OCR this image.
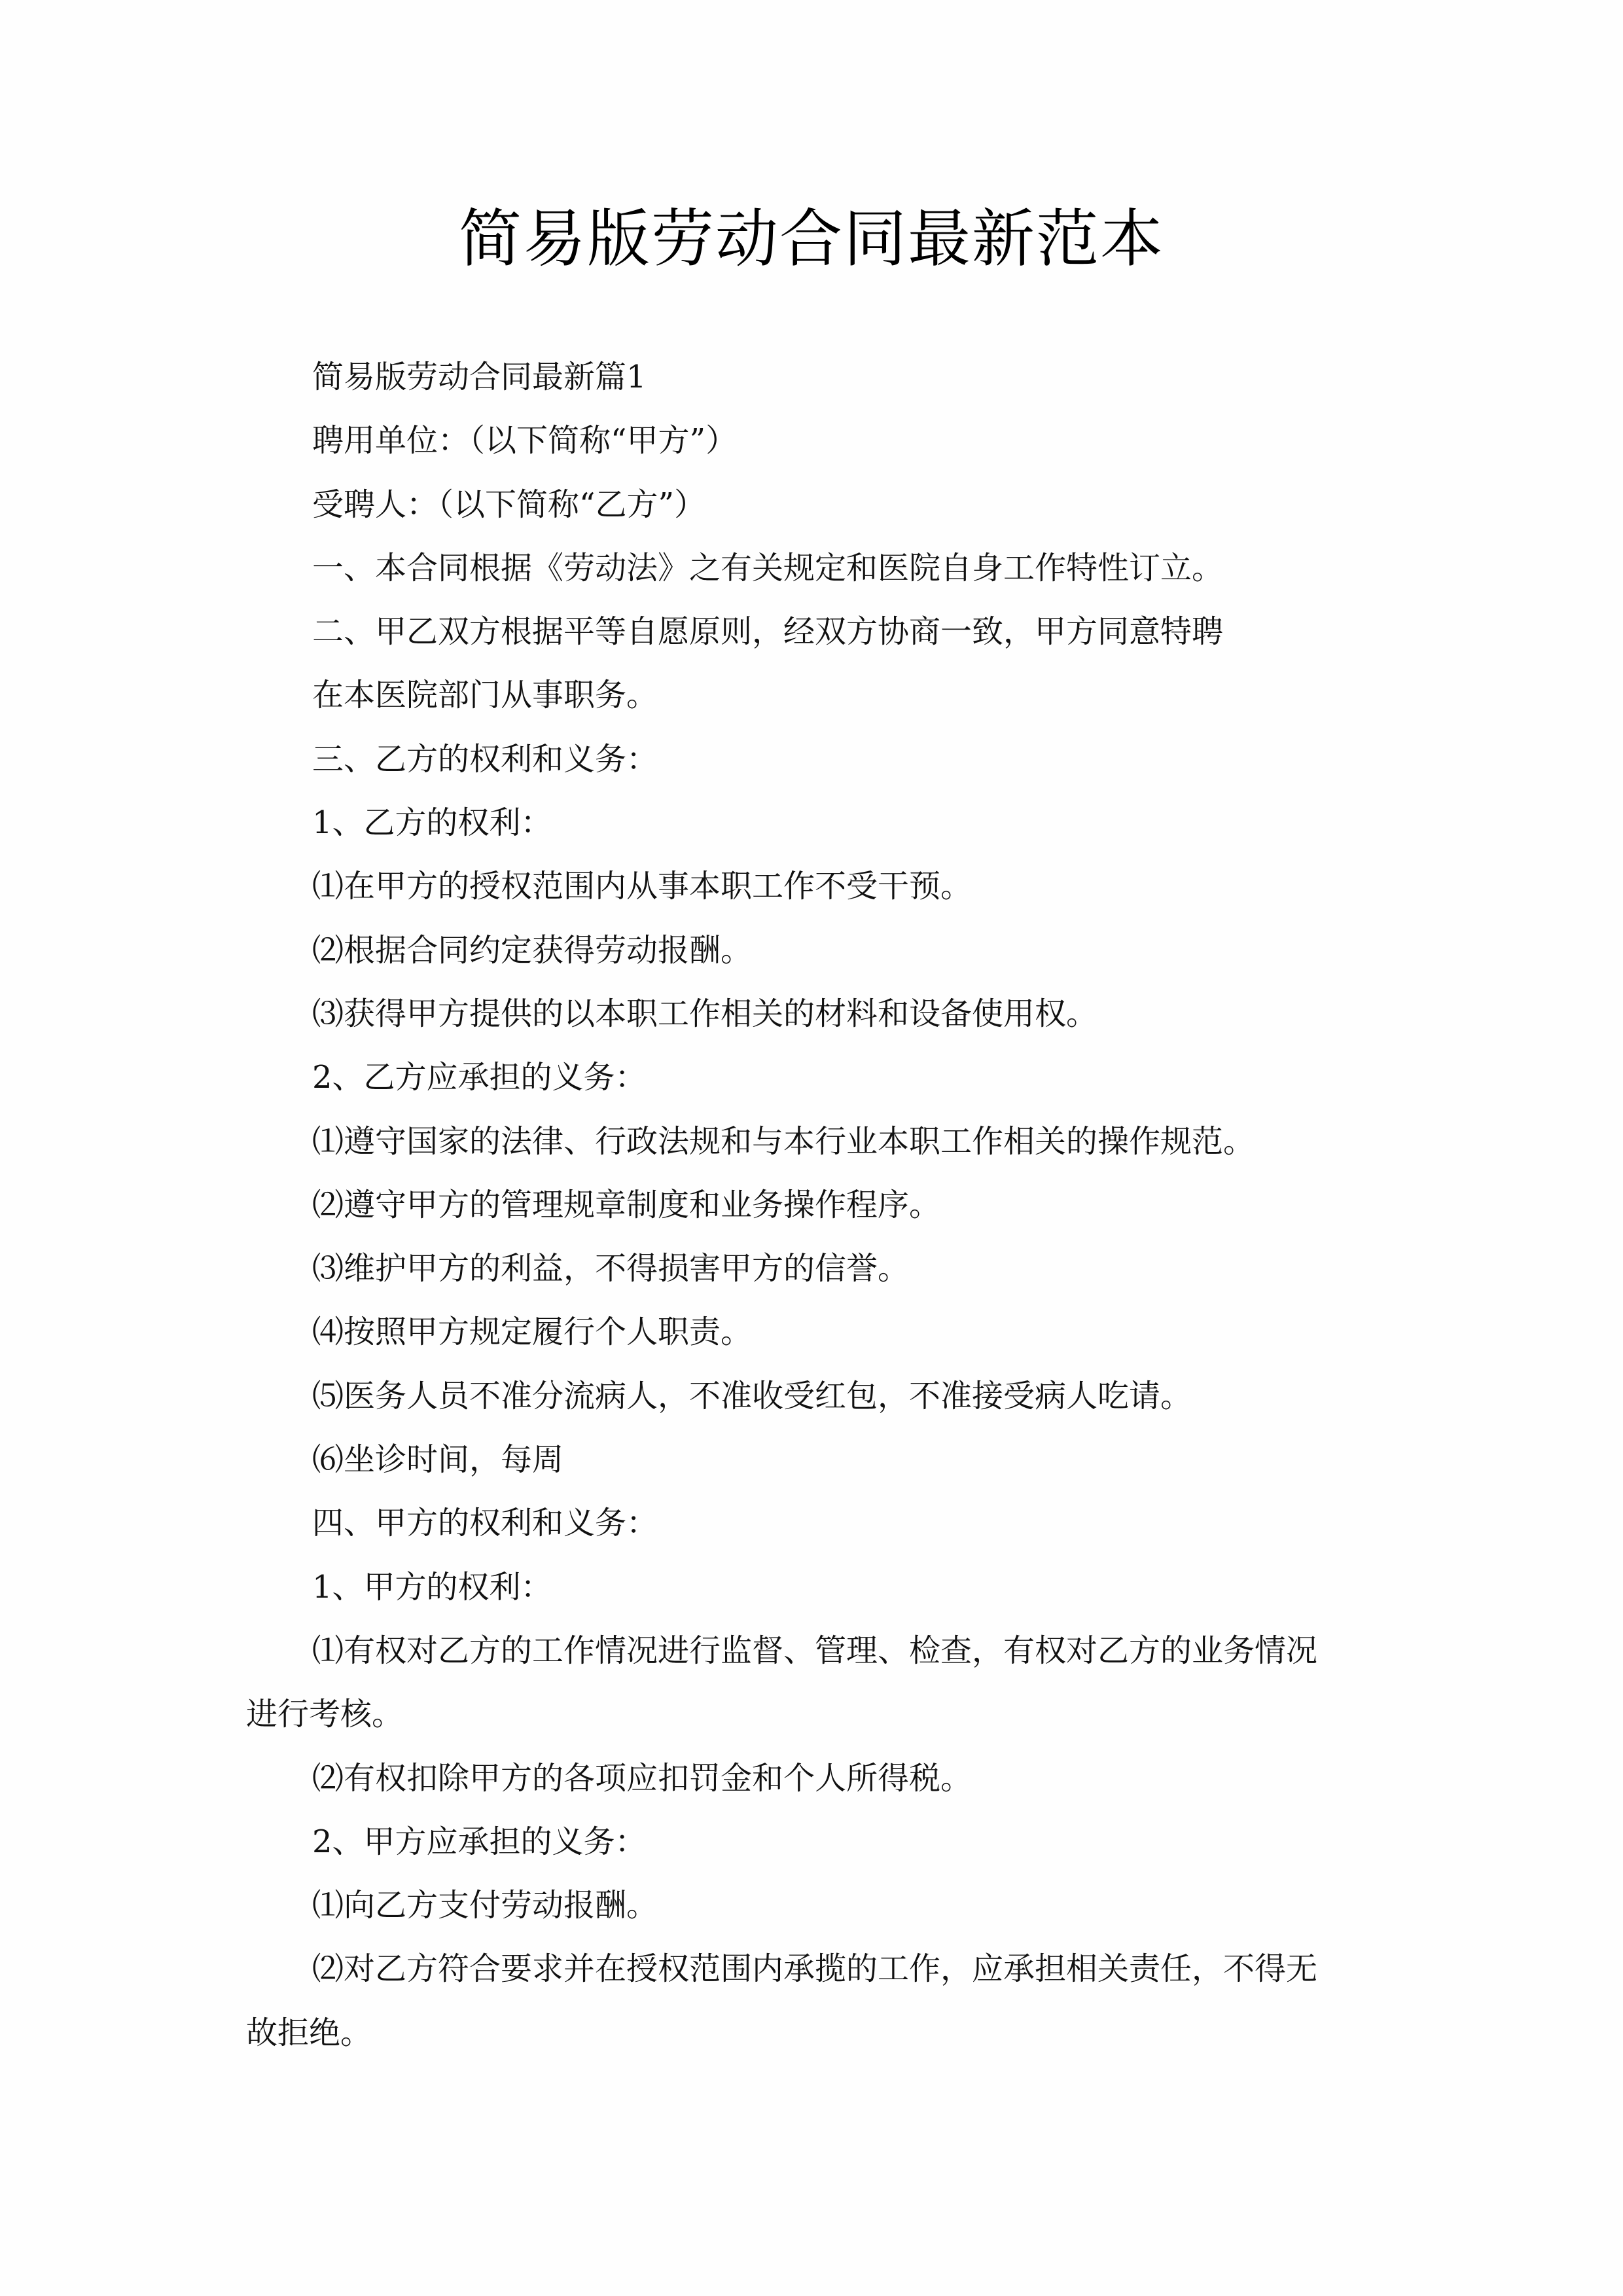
简易版劳动合同最新范本
简易版劳动合同最新篇1
聘用单位：（以下简称“甲方”）
受聘人：（以下简称“乙方”）
一、本合同根据《劳动法》之有关规定和医院自身工作特性订立。
二、甲乙双方根据平等自愿原则，经双方协商一致，甲方同意特聘
在本医院部门从事职务。
三、乙方的权利和义务：
1、乙方的权利：
⑴在甲方的授权范围内从事本职工作不受干预。
⑵根据合同约定获得劳动报酬。
⑶获得甲方提供的以本职工作相关的材料和设备使用权。
2、乙方应承担的义务：
⑴遵守国家的法律、行政法规和与本行业本职工作相关的操作规范。
⑵遵守甲方的管理规章制度和业务操作程序。
⑶维护甲方的利益，不得损害甲方的信誉。
⑷按照甲方规定履行个人职责。
⑸医务人员不准分流病人，不准收受红包，不准接受病人吃请。
⑹坐诊时间，每周
四、甲方的权利和义务：
1、甲方的权利：
⑴有权对乙方的工作情况进行监督、管理、检查，有权对乙方的业务情况
进行考核。
⑵有权扣除甲方的各项应扣罚金和个人所得税。
2、甲方应承担的义务：
⑴向乙方支付劳动报酬。
⑵对乙方符合要求并在授权范围内承揽的工作，应承担相关责任，不得无
故拒绝。
